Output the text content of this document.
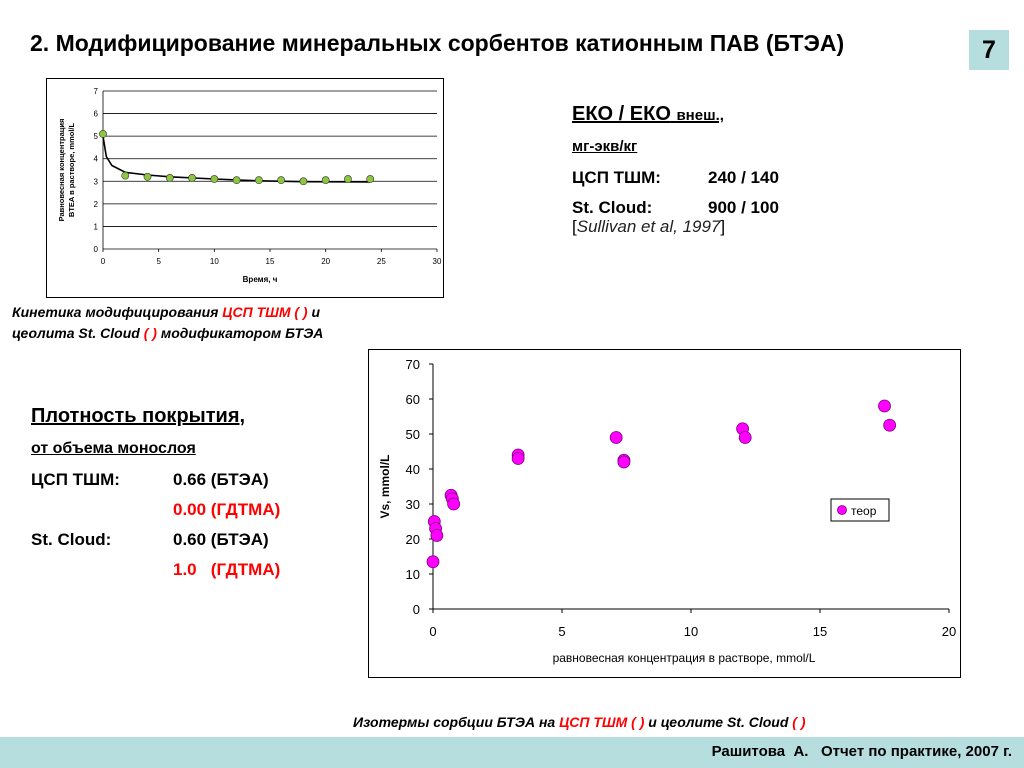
2. Модифицирование минеральных сорбентов катионным ПАВ (БТЭА)	7
0
1
2
3
4
5
6
7
0	5	10	15	20	25	30
Время, ч
Равновесная концентрация BTEA в растворе, mmol/L
Кинетика модифицирования ЦСП ТШМ ( ) и
цеолита St. Cloud ( ) модификатором БТЭА
ЕКО / ЕКО внеш.,
мг-экв/кг
ЦСП ТШМ:	240 / 140
St. Cloud:	900 / 100
[Sullivan et al, 1997]
Плотность покрытия,
от объема монослоя
ЦСП ТШМ:	0.66 (БТЭА)
0.00 (ГДТМА)
St. Cloud:	0.60 (БТЭА)
1.0   (ГДТМА)
0
10
20
30
40
50
60
70
0	5	10	15	20
равновесная концентрация в растворе, mmol/L
Vs, mmol/L	теор
Изотермы сорбции БТЭА на ЦСП ТШМ ( ) и цеолите St. Cloud ( )
Рашитова  А.   Отчет по практике, 2007 г.
